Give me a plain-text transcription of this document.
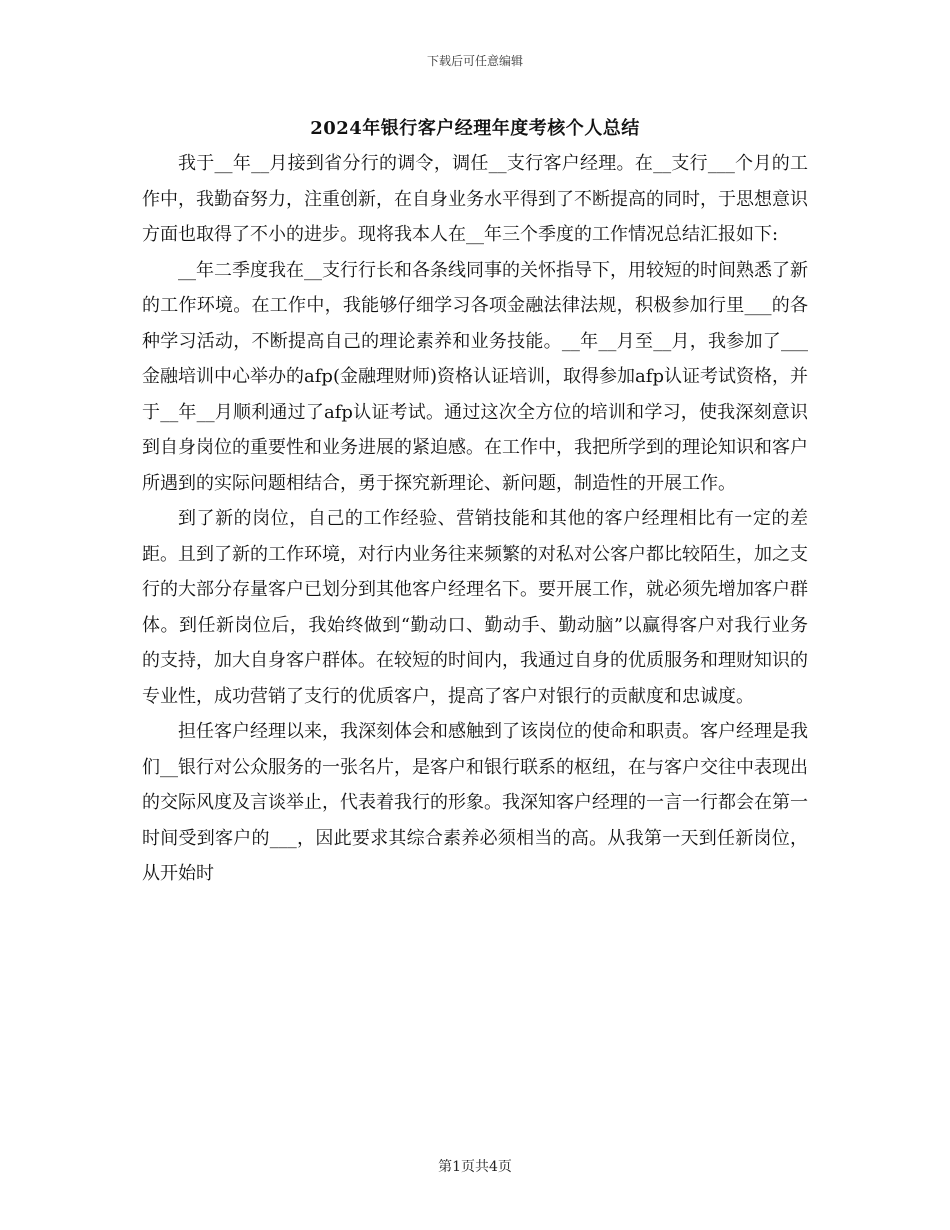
下载后可任意编辑
2024年银行客户经理年度考核个人总结

我于__年__月接到省分行的调令，调任__支行客户经理。在__支行___个月的工作中，我勤奋努力，注重创新，在自身业务水平得到了不断提高的同时，于思想意识方面也取得了不小的进步。现将我本人在__年三个季度的工作情况总结汇报如下:

__年二季度我在__支行行长和各条线同事的关怀指导下，用较短的时间熟悉了新的工作环境。在工作中，我能够仔细学习各项金融法律法规，积极参加行里___的各种学习活动，不断提高自己的理论素养和业务技能。__年__月至__月，我参加了___金融培训中心举办的afp(金融理财师)资格认证培训，取得参加afp认证考试资格，并于__年__月顺利通过了afp认证考试。通过这次全方位的培训和学习，使我深刻意识到自身岗位的重要性和业务进展的紧迫感。在工作中，我把所学到的理论知识和客户所遇到的实际问题相结合，勇于探究新理论、新问题，制造性的开展工作。

到了新的岗位，自己的工作经验、营销技能和其他的客户经理相比有一定的差距。且到了新的工作环境，对行内业务往来频繁的对私对公客户都比较陌生，加之支行的大部分存量客户已划分到其他客户经理名下。要开展工作，就必须先增加客户群体。到任新岗位后，我始终做到“勤动口、勤动手、勤动脑”以赢得客户对我行业务的支持，加大自身客户群体。在较短的时间内，我通过自身的优质服务和理财知识的专业性，成功营销了支行的优质客户，提高了客户对银行的贡献度和忠诚度。

担任客户经理以来，我深刻体会和感触到了该岗位的使命和职责。客户经理是我们__银行对公众服务的一张名片，是客户和银行联系的枢纽，在与客户交往中表现出的交际风度及言谈举止，代表着我行的形象。我深知客户经理的一言一行都会在第一时间受到客户的___，因此要求其综合素养必须相当的高。从我第一天到任新岗位，从开始时

第1页共4页
